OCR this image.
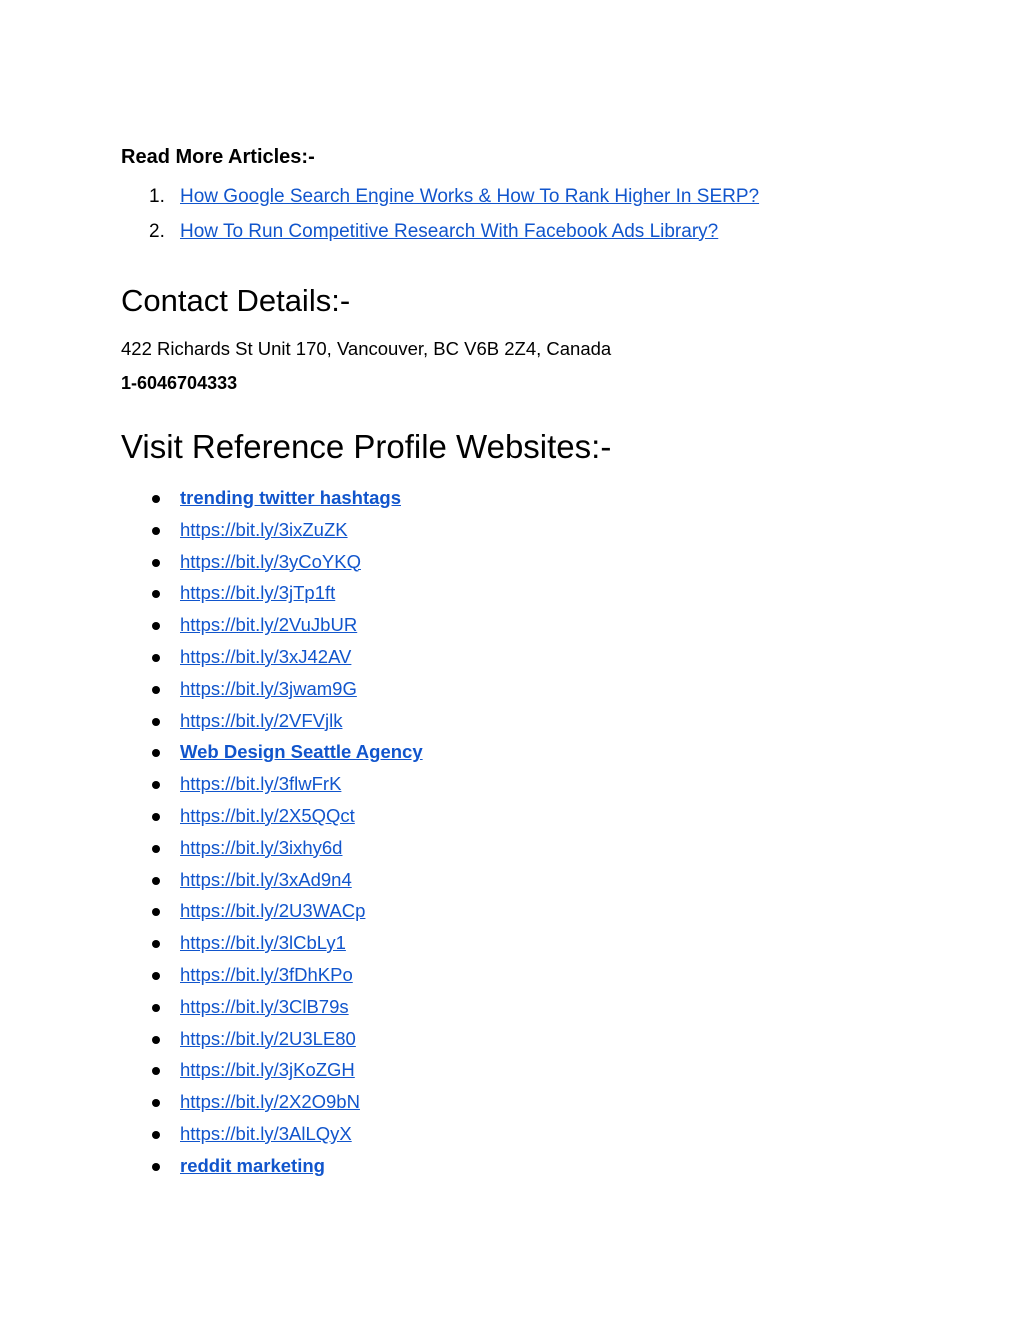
Read More Articles:-
1. How Google Search Engine Works & How To Rank Higher In SERP?
2. How To Run Competitive Research With Facebook Ads Library?
Contact Details:-
422 Richards St Unit 170, Vancouver, BC V6B 2Z4, Canada
1-6046704333
Visit Reference Profile Websites:-
trending twitter hashtags
https://bit.ly/3ixZuZK
https://bit.ly/3yCoYKQ
https://bit.ly/3jTp1ft
https://bit.ly/2VuJbUR
https://bit.ly/3xJ42AV
https://bit.ly/3jwam9G
https://bit.ly/2VFVjlk
Web Design Seattle Agency
https://bit.ly/3flwFrK
https://bit.ly/2X5QQct
https://bit.ly/3ixhy6d
https://bit.ly/3xAd9n4
https://bit.ly/2U3WACp
https://bit.ly/3lCbLy1
https://bit.ly/3fDhKPo
https://bit.ly/3ClB79s
https://bit.ly/2U3LE80
https://bit.ly/3jKoZGH
https://bit.ly/2X2O9bN
https://bit.ly/3AlLQyX
reddit marketing
